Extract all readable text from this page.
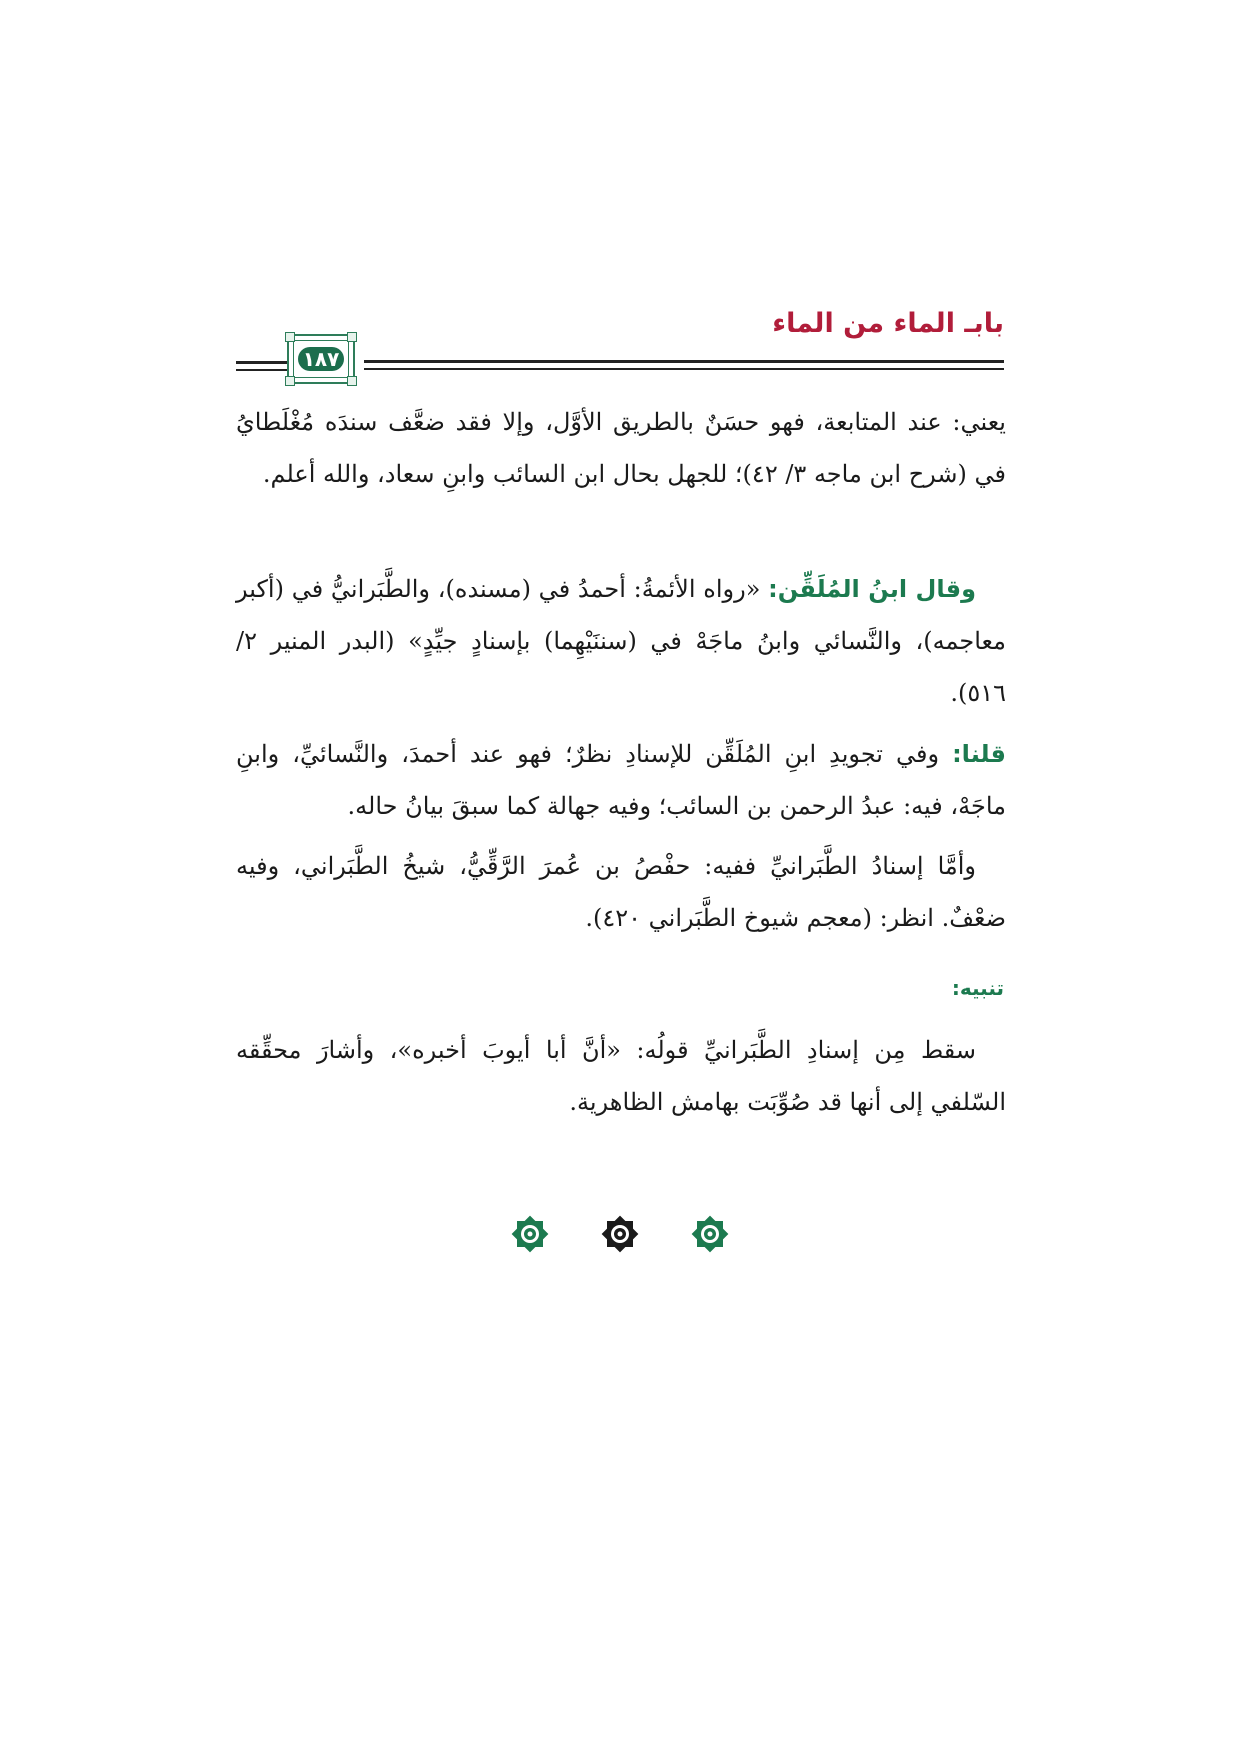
بابـ الماء من الماء
١٨٧
يعني: عند المتابعة، فهو حسَنٌ بالطريق الأوَّل، وإلا فقد ضعَّف سندَه مُغْلَطايُ في (شرح ابن ماجه ٣/ ٤٢)؛ للجهل بحال ابن السائب وابنِ سعاد، والله أعلم.
وقال ابنُ المُلَقِّن: «رواه الأئمةُ: أحمدُ في (مسنده)، والطَّبَرانيُّ في (أكبر معاجمه)، والنَّسائي وابنُ ماجَهْ في (سننَيْهِما) بإسنادٍ جيِّدٍ» (البدر المنير ٢/ ٥١٦).
قلنا: وفي تجويدِ ابنِ المُلَقِّن للإسنادِ نظرٌ؛ فهو عند أحمدَ، والنَّسائيِّ، وابنِ ماجَهْ، فيه: عبدُ الرحمن بن السائب؛ وفيه جهالة كما سبقَ بيانُ حاله.
وأمَّا إسنادُ الطَّبَرانيِّ ففيه: حفْصُ بن عُمرَ الرَّقِّيُّ، شيخُ الطَّبَراني، وفيه ضعْفٌ. انظر: (معجم شيوخ الطَّبَراني ٤٢٠).
تنبيه:
سقط مِن إسنادِ الطَّبَرانيِّ قولُه: «أنَّ أبا أيوبَ أخبره»، وأشارَ محقِّقه السّلفي إلى أنها قد صُوِّبَت بهامش الظاهرية.
